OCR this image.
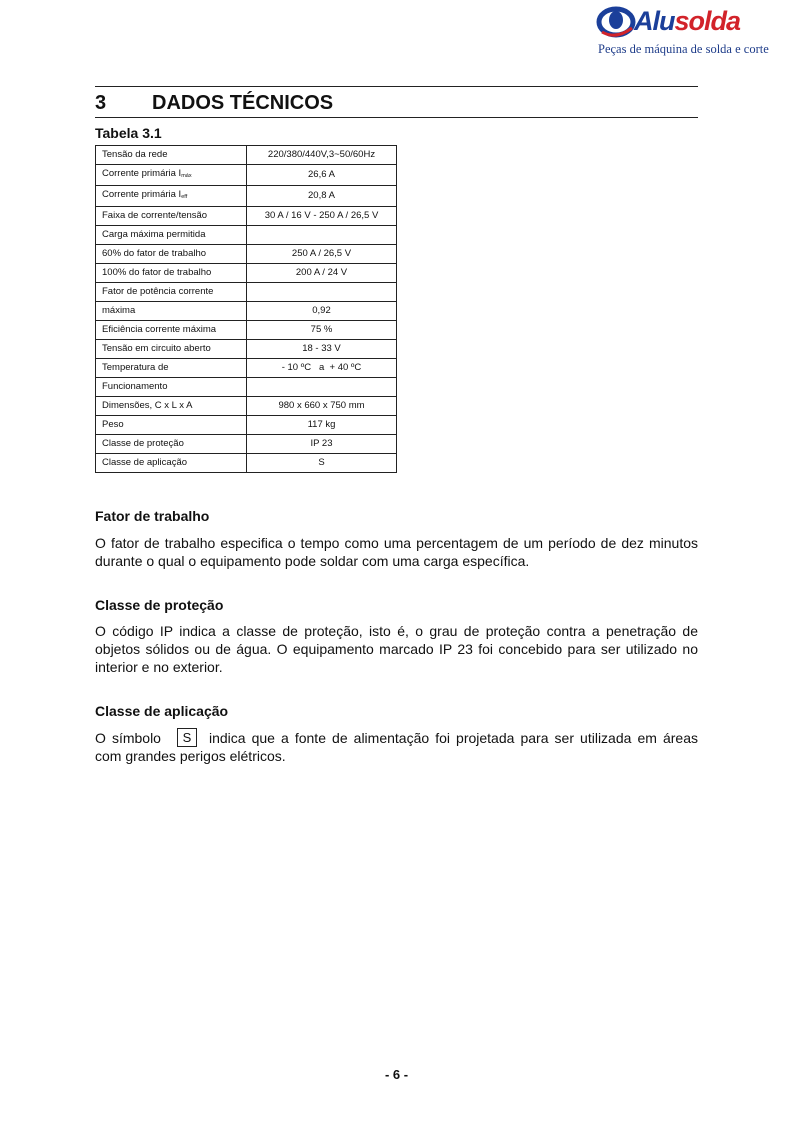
Alusolda
Peças de máquina de solda e corte
3 DADOS TÉCNICOS
Tabela 3.1
Tensão da rede	220/380/440V,3~50/60Hz
Corrente primária $I_{máx}$	26,6 A
Corrente primária $I_{eff}$	20,8 A
Faixa de corrente/tensão	30 A / 16 V - 250 A / 26,5 V
Carga máxima permitida	
60% do fator de trabalho	250 A / 26,5 V
100% do fator de trabalho	200 A / 24 V
Fator de potência corrente	
máxima	0,92
Eficiência corrente máxima	75 %
Tensão em circuito aberto	18 - 33 V
Temperatura de	- 10 ºC   a  + 40 ºC
Funcionamento	
Dimensões, C x L x A	980 x 660 x 750 mm
Peso	117 kg
Classe de proteção	IP 23
Classe de aplicação	S
Fator de trabalho

O fator de trabalho especifica o tempo como uma percentagem de um período de dez minutos durante o qual o equipamento pode soldar com uma carga específica.

Classe de proteção

O código IP indica a classe de proteção, isto é, o grau de proteção contra a penetração de objetos sólidos ou de água. O equipamento marcado IP 23 foi concebido para ser utilizado no interior e no exterior.

Classe de aplicação

O símbolo S indica que a fonte de alimentação foi projetada para ser utilizada em áreas com grandes perigos elétricos.

- 6 -
